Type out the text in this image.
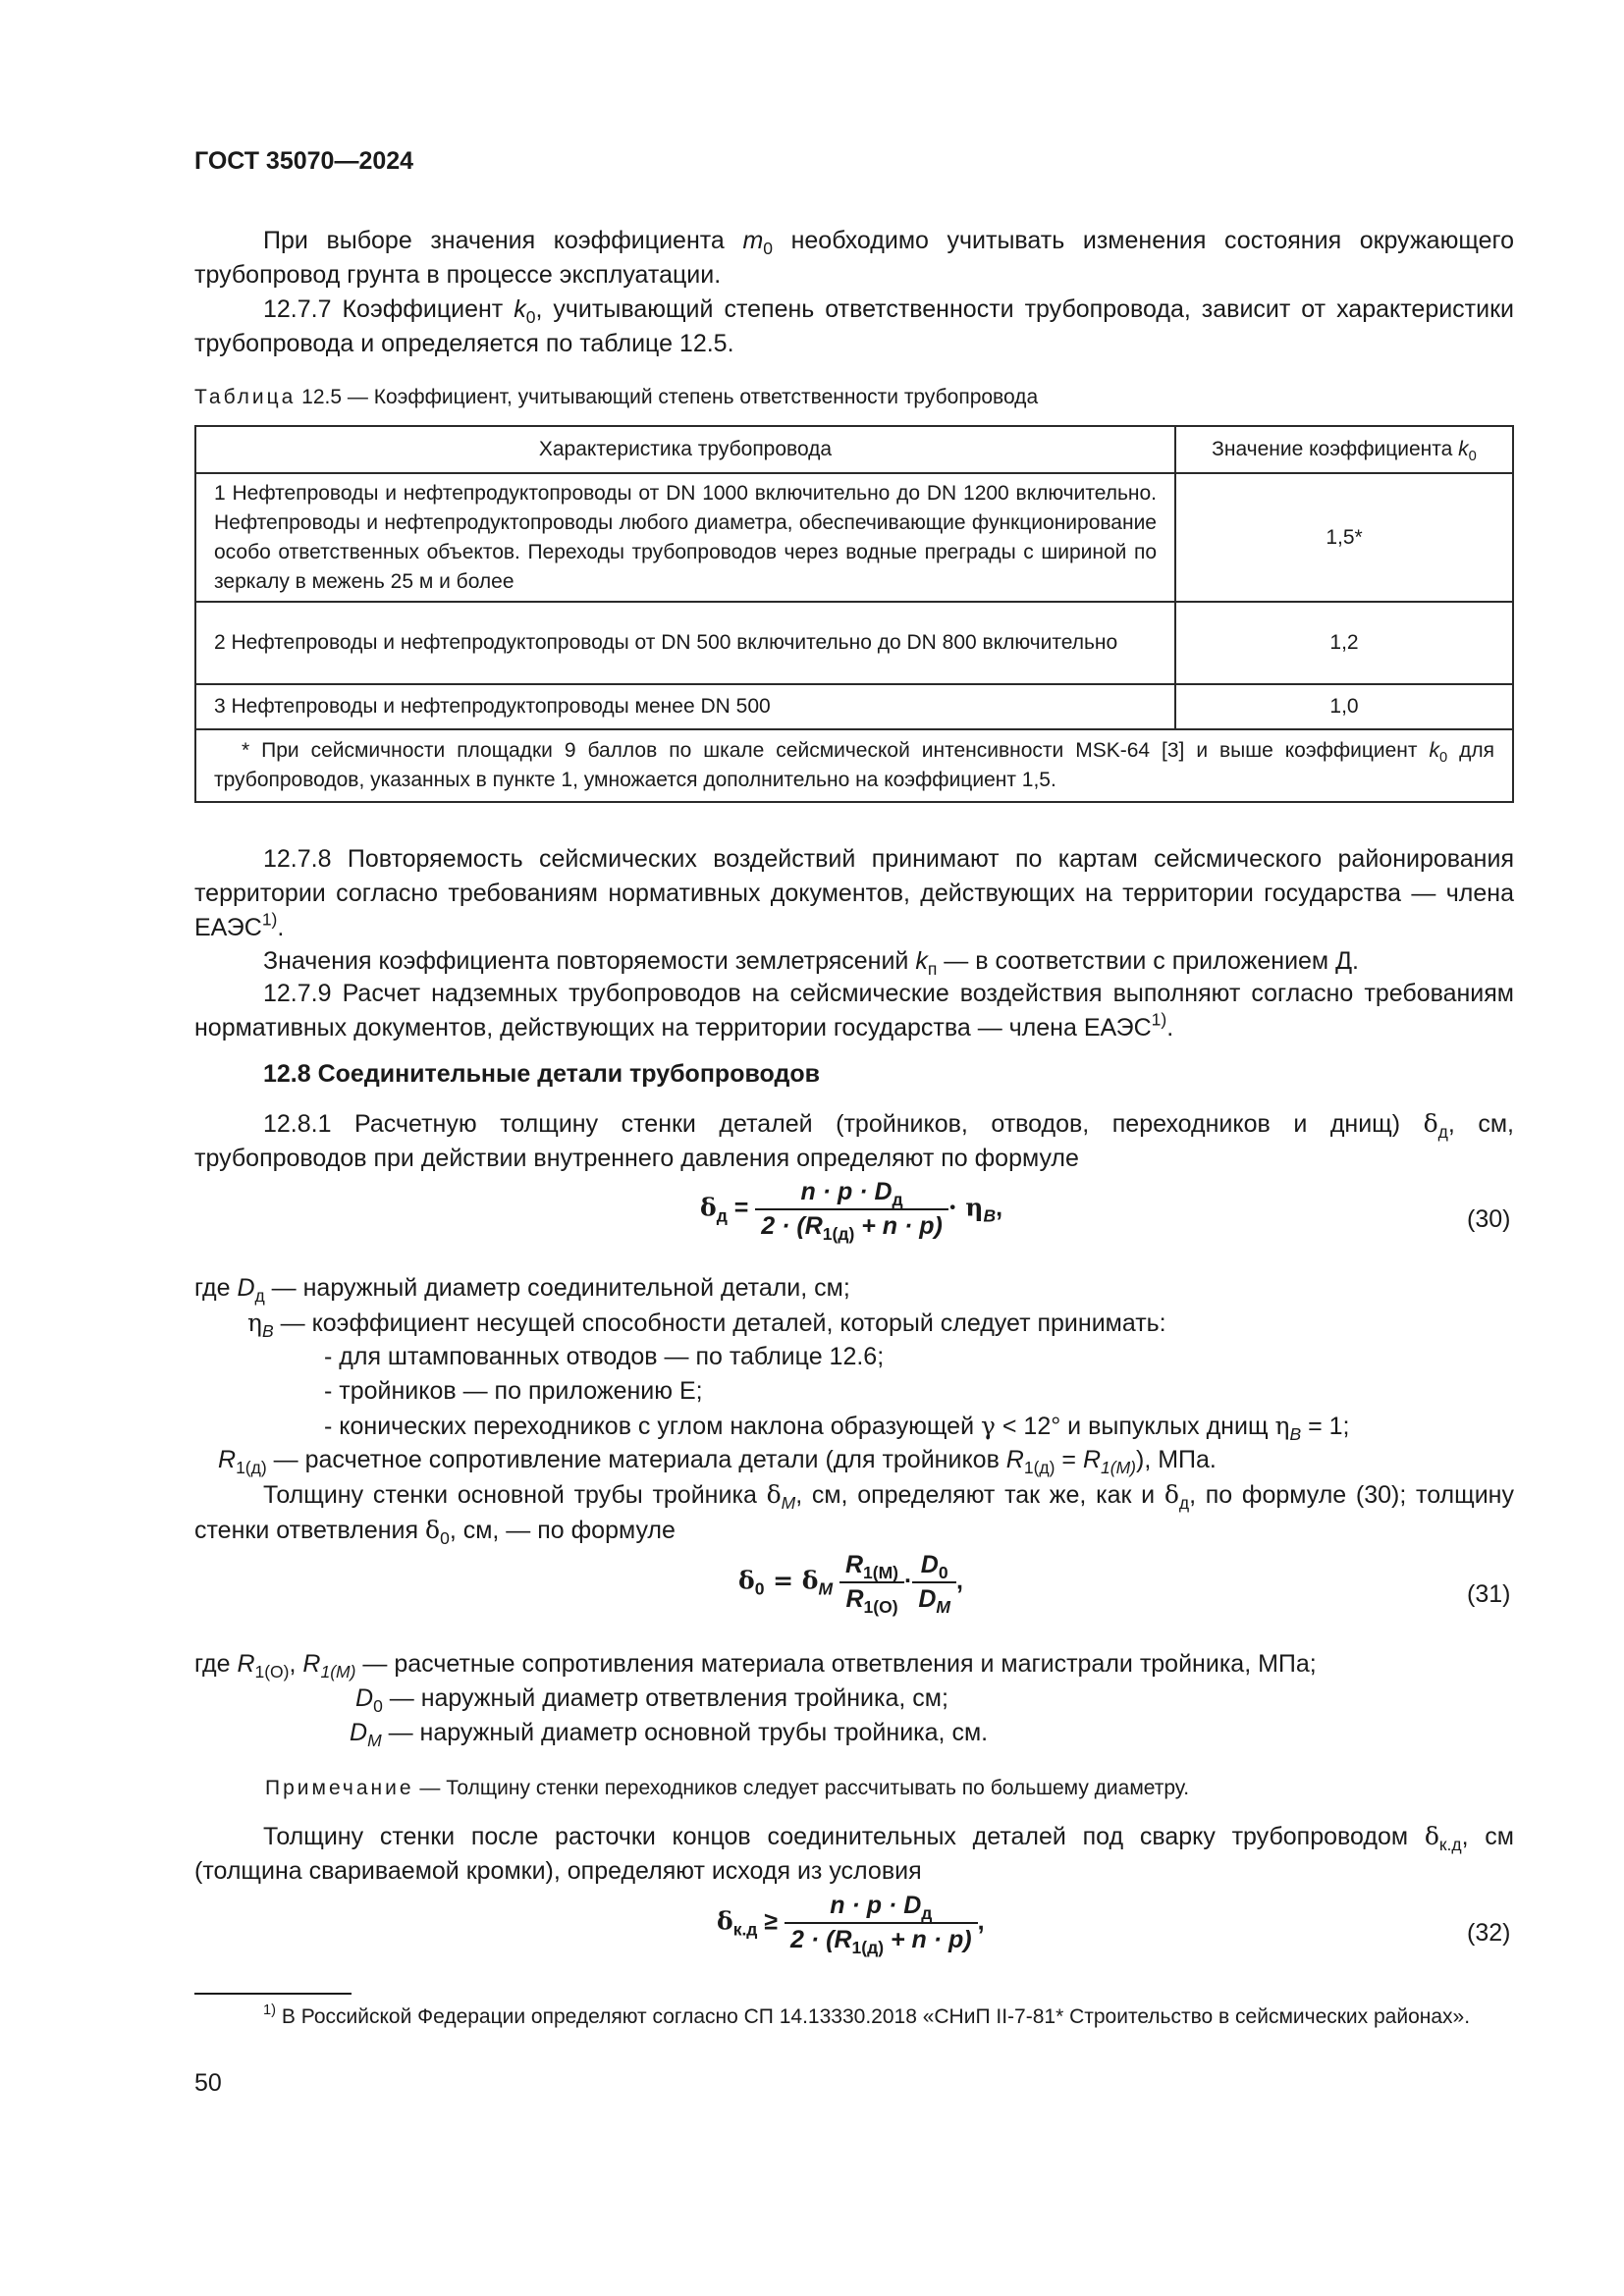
ГОСТ 35070—2024
При выборе значения коэффициента $m_0$ необходимо учитывать изменения состояния окружающего трубопровод грунта в процессе эксплуатации.
12.7.7 Коэффициент $k_0$, учитывающий степень ответственности трубопровода, зависит от характеристики трубопровода и определяется по таблице 12.5.
Таблица 12.5 — Коэффициент, учитывающий степень ответственности трубопровода
Характеристика трубопровода	Значение коэффициента $k_0$
1 Нефтепроводы и нефтепродуктопроводы от DN 1000 включительно до DN 1200 включительно. Нефтепроводы и нефтепродуктопроводы любого диаметра, обеспечивающие функционирование особо ответственных объектов. Переходы трубопроводов через водные преграды с шириной по зеркалу в межень 25 м и более	1,5*
2 Нефтепроводы и нефтепродуктопроводы от DN 500 включительно до DN 800 включительно	1,2
3 Нефтепроводы и нефтепродуктопроводы менее DN 500	1,0
* При сейсмичности площадки 9 баллов по шкале сейсмической интенсивности MSK-64 [3] и выше коэффициент $k_0$ для трубопроводов, указанных в пункте 1, умножается дополнительно на коэффициент 1,5.	
12.7.8 Повторяемость сейсмических воздействий принимают по картам сейсмического районирования территории согласно требованиям нормативных документов, действующих на территории государства — члена ЕАЭС$^{1)}$.
Значения коэффициента повторяемости землетрясений $k_п$ — в соответствии с приложением Д.
12.7.9 Расчет надземных трубопроводов на сейсмические воздействия выполняют согласно требованиям нормативных документов, действующих на территории государства — члена ЕАЭС$^{1)}$.
12.8 Соединительные детали трубопроводов
12.8.1 Расчетную толщину стенки деталей (тройников, отводов, переходников и днищ) $\delta_д$, см, трубопроводов при действии внутреннего давления определяют по формуле
$\delta_д = \frac{n \cdot p \cdot D_д}{2 \cdot (R_{1(д)} + n \cdot p)} \cdot \eta_B$,	(30)
где $D_д$ — наружный диаметр соединительной детали, см;
$\eta_B$ — коэффициент несущей способности деталей, который следует принимать:
- для штампованных отводов — по таблице 12.6;
- тройников — по приложению Е;
- конических переходников с углом наклона образующей γ < 12° и выпуклых днищ $\eta_B = 1$;
$R_{1(д)}$ — расчетное сопротивление материала детали (для тройников $R_{1(д)} = R_{1(M)}$), МПа.
Толщину стенки основной трубы тройника $\delta_M$, см, определяют так же, как и $\delta_д$, по формуле (30); толщину стенки ответвления $\delta_0$, см, — по формуле
$\delta_0 = \delta_M \frac{R_{1(M)}}{R_{1(O)}} \cdot \frac{D_0}{D_M}$ ,	(31)
где $R_{1(O)}$, $R_{1(M)}$ — расчетные сопротивления материала ответвления и магистрали тройника, МПа;
$D_0$ — наружный диаметр ответвления тройника, см;
$D_M$ — наружный диаметр основной трубы тройника, см.
Примечание — Толщину стенки переходников следует рассчитывать по большему диаметру.
Толщину стенки после расточки концов соединительных деталей под сварку трубопроводом $\delta_{к.д}$, см (толщина свариваемой кромки), определяют исходя из условия
$\delta_{к.д} \ge \frac{n \cdot p \cdot D_д}{2 \cdot (R_{1(д)} + n \cdot p)}$ ,	(32)
$^{1)}$ В Российской Федерации определяют согласно СП 14.13330.2018 «СНиП II-7-81* Строительство в сейсмических районах».
50
